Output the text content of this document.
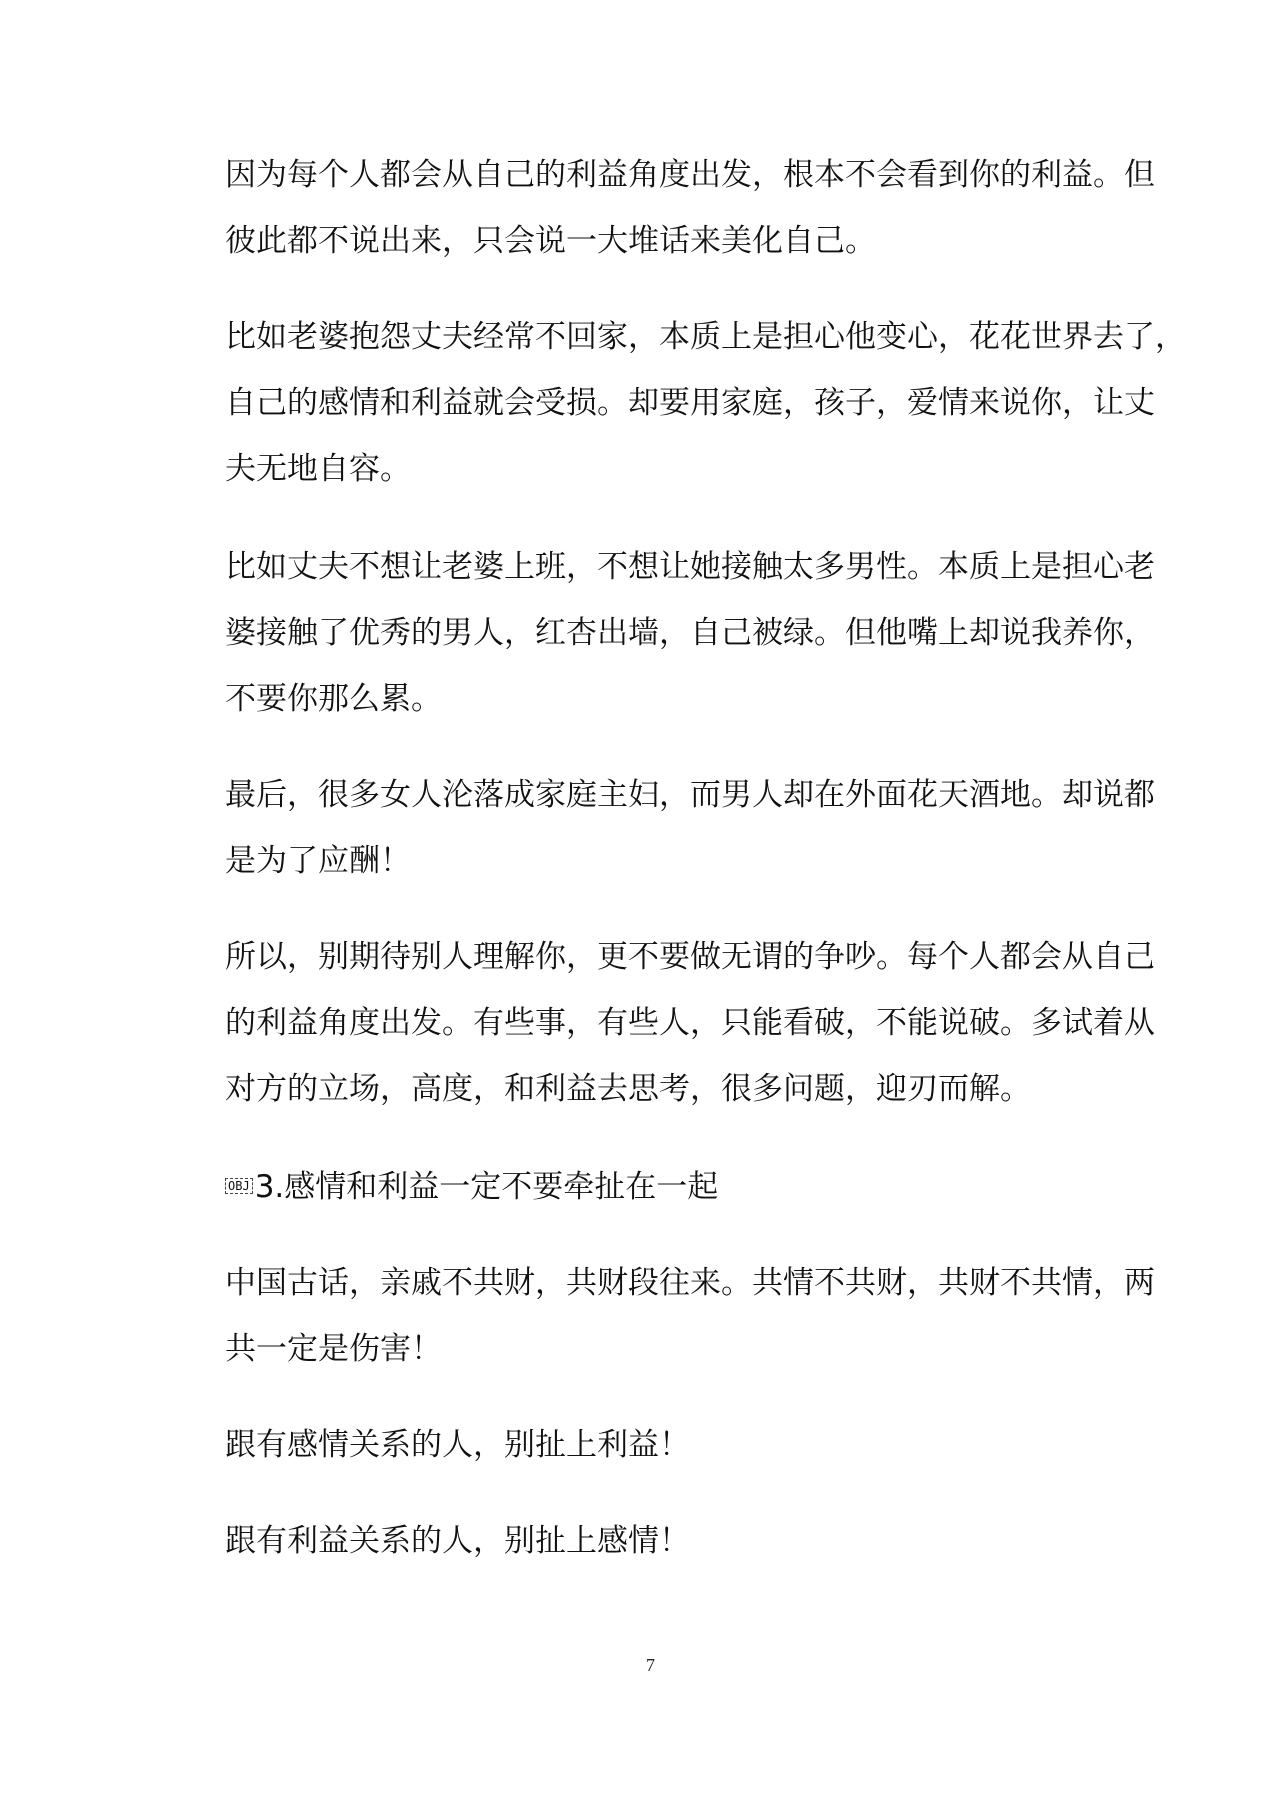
因为每个人都会从自己的利益角度出发，根本不会看到你的利益。但
彼此都不说出来，只会说一大堆话来美化自己。
比如老婆抱怨丈夫经常不回家，本质上是担心他变心，花花世界去了，
自己的感情和利益就会受损。却要用家庭，孩子，爱情来说你，让丈
夫无地自容。
比如丈夫不想让老婆上班，不想让她接触太多男性。本质上是担心老
婆接触了优秀的男人，红杏出墙，自己被绿。但他嘴上却说我养你，
不要你那么累。
最后，很多女人沦落成家庭主妇，而男人却在外面花天酒地。却说都
是为了应酬！
所以，别期待别人理解你，更不要做无谓的争吵。每个人都会从自己
的利益角度出发。有些事，有些人，只能看破，不能说破。多试着从
对方的立场，高度，和利益去思考，很多问题，迎刃而解。
OBJ 3.感情和利益一定不要牵扯在一起
中国古话，亲戚不共财，共财段往来。共情不共财，共财不共情，两
共一定是伤害！
跟有感情关系的人，别扯上利益！
跟有利益关系的人，别扯上感情！
7
